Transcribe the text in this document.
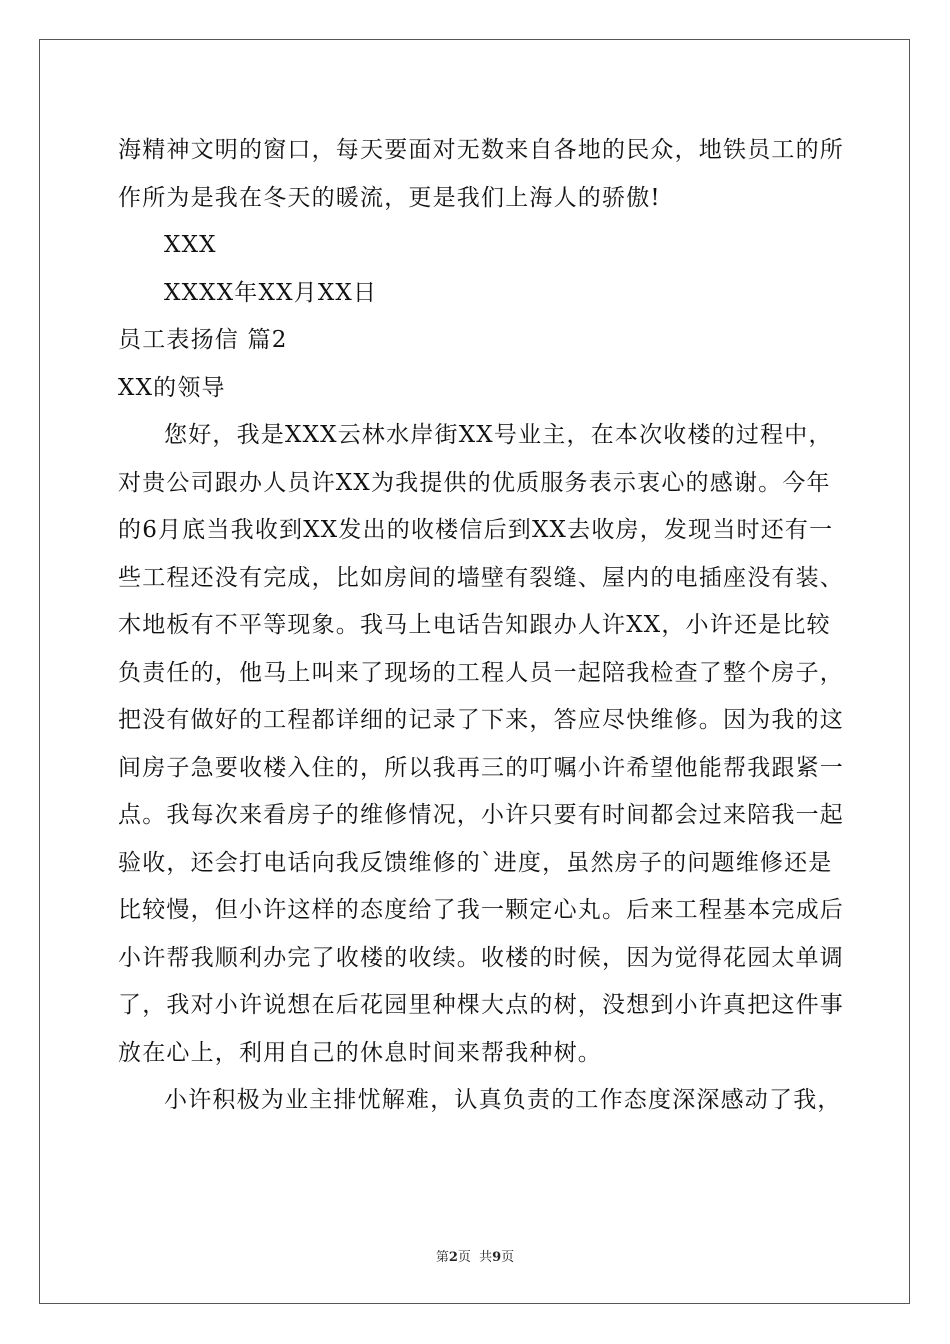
海精神文明的窗口，每天要面对无数来自各地的民众，地铁员工的所
作所为是我在冬天的暖流，更是我们上海人的骄傲!
XXX
XXXX年XX月XX日
员工表扬信 篇2
XX的领导
您好，我是XXX云林水岸街XX号业主，在本次收楼的过程中，
对贵公司跟办人员许XX为我提供的优质服务表示衷心的感谢。今年
的6月底当我收到XX发出的收楼信后到XX去收房，发现当时还有一
些工程还没有完成，比如房间的墙壁有裂缝、屋内的电插座没有装、
木地板有不平等现象。我马上电话告知跟办人许XX，小许还是比较
负责任的，他马上叫来了现场的工程人员一起陪我检查了整个房子，
把没有做好的工程都详细的记录了下来，答应尽快维修。因为我的这
间房子急要收楼入住的，所以我再三的叮嘱小许希望他能帮我跟紧一
点。我每次来看房子的维修情况，小许只要有时间都会过来陪我一起
验收，还会打电话向我反馈维修的`进度，虽然房子的问题维修还是
比较慢，但小许这样的态度给了我一颗定心丸。后来工程基本完成后
小许帮我顺利办完了收楼的收续。收楼的时候，因为觉得花园太单调
了，我对小许说想在后花园里种棵大点的树，没想到小许真把这件事
放在心上，利用自己的休息时间来帮我种树。
小许积极为业主排忧解难，认真负责的工作态度深深感动了我，
第2页 共9页
